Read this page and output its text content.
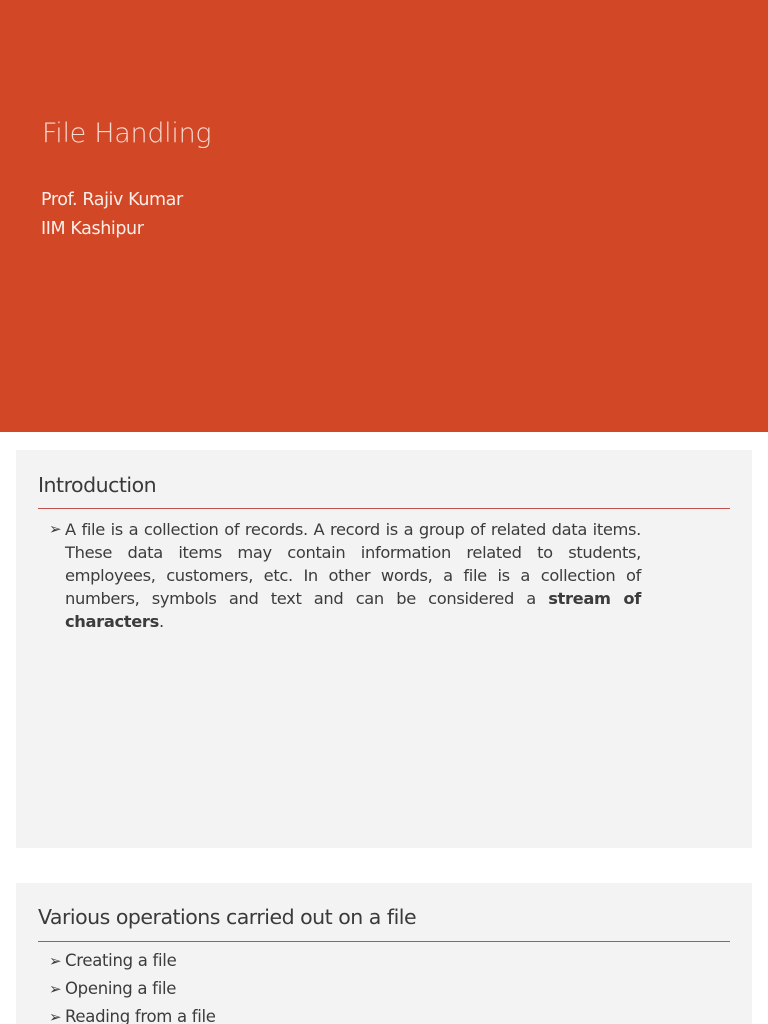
File Handling
Prof. Rajiv Kumar
IIM Kashipur
Introduction
➢ A file is a collection of records. A record is a group of related data items. These data items may contain information related to students, employees, customers, etc. In other words, a file is a collection of numbers, symbols and text and can be considered a stream of characters.
Various operations carried out on a file
➢ Creating a file
➢ Opening a file
➢ Reading from a file
